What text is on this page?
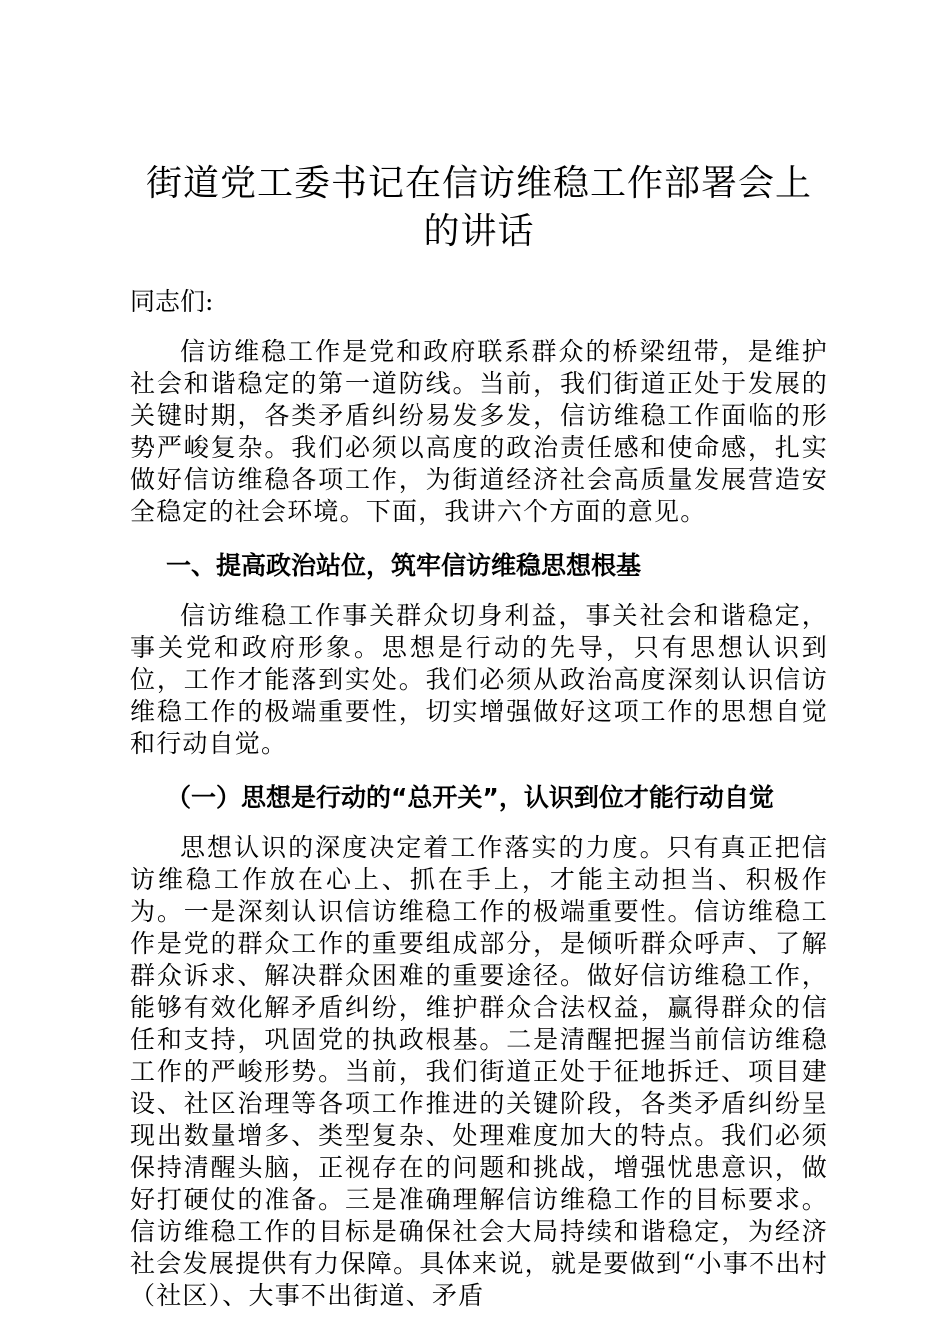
街道党工委书记在信访维稳工作部署会上的讲话

同志们:

信访维稳工作是党和政府联系群众的桥梁纽带，是维护社会和谐稳定的第一道防线。当前，我们街道正处于发展的关键时期，各类矛盾纠纷易发多发，信访维稳工作面临的形势严峻复杂。我们必须以高度的政治责任感和使命感，扎实做好信访维稳各项工作，为街道经济社会高质量发展营造安全稳定的社会环境。下面，我讲六个方面的意见。

一、提高政治站位，筑牢信访维稳思想根基

信访维稳工作事关群众切身利益，事关社会和谐稳定，事关党和政府形象。思想是行动的先导，只有思想认识到位，工作才能落到实处。我们必须从政治高度深刻认识信访维稳工作的极端重要性，切实增强做好这项工作的思想自觉和行动自觉。

（一）思想是行动的“总开关”，认识到位才能行动自觉

思想认识的深度决定着工作落实的力度。只有真正把信访维稳工作放在心上、抓在手上，才能主动担当、积极作为。一是深刻认识信访维稳工作的极端重要性。信访维稳工作是党的群众工作的重要组成部分，是倾听群众呼声、了解群众诉求、解决群众困难的重要途径。做好信访维稳工作，能够有效化解矛盾纠纷，维护群众合法权益，赢得群众的信任和支持，巩固党的执政根基。二是清醒把握当前信访维稳工作的严峻形势。当前，我们街道正处于征地拆迁、项目建设、社区治理等各项工作推进的关键阶段，各类矛盾纠纷呈现出数量增多、类型复杂、处理难度加大的特点。我们必须保持清醒头脑，正视存在的问题和挑战，增强忧患意识，做好打硬仗的准备。三是准确理解信访维稳工作的目标要求。信访维稳工作的目标是确保社会大局持续和谐稳定，为经济社会发展提供有力保障。具体来说，就是要做到“小事不出村（社区）、大事不出街道、矛盾
